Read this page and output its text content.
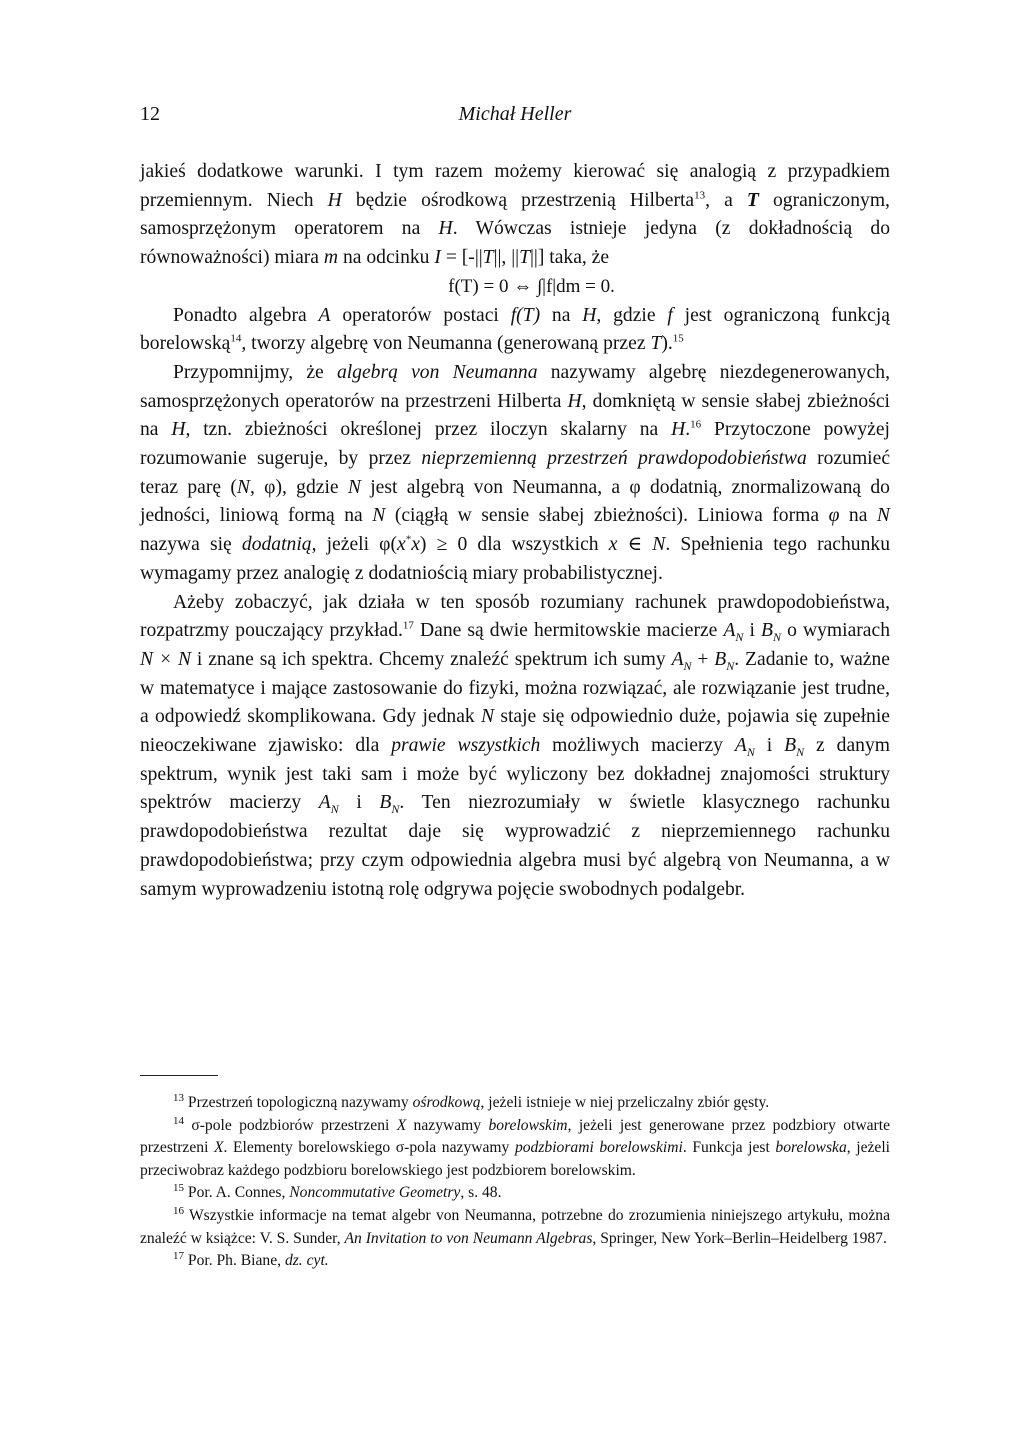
12	Michał Heller

jakieś dodatkowe warunki. I tym razem możemy kierować się analogią z przypadkiem przemiennym. Niech H będzie ośrodkową przestrzenią Hilberta$^{13}$, a T ograniczonym, samosprzężonym operatorem na H. Wówczas istnieje jedyna (z dokładnością do równoważności) miara m na odcinku I = [-||T||, ||T||] taka, że

f(T) = 0 ⇔ ∫|f|dm = 0.

Ponadto algebra A operatorów postaci f(T) na H, gdzie f jest ograniczoną funkcją borelowską$^{14}$, tworzy algebrę von Neumanna (generowaną przez T).$^{15}$

Przypomnijmy, że algebrą von Neumanna nazywamy algebrę niezdegenerowanych, samosprzężonych operatorów na przestrzeni Hilberta H, domkniętą w sensie słabej zbieżności na H, tzn. zbieżności określonej przez iloczyn skalarny na H.$^{16}$ Przytoczone powyżej rozumowanie sugeruje, by przez nieprzemienną przestrzeń prawdopodobieństwa rozumieć teraz parę (N, φ), gdzie N jest algebrą von Neumanna, a φ dodatnią, znormalizowaną do jedności, liniową formą na N (ciągłą w sensie słabej zbieżności). Liniowa forma φ na N nazywa się dodatnią, jeżeli φ(x*x) ≥ 0 dla wszystkich x ∈ N. Spełnienia tego rachunku wymagamy przez analogię z dodatniością miary probabilistycznej.

Ażeby zobaczyć, jak działa w ten sposób rozumiany rachunek prawdopodobieństwa, rozpatrzmy pouczający przykład.$^{17}$ Dane są dwie hermitowskie macierze $A_N$ i $B_N$ o wymiarach N × N i znane są ich spektra. Chcemy znaleźć spektrum ich sumy $A_N + B_N$. Zadanie to, ważne w matematyce i mające zastosowanie do fizyki, można rozwiązać, ale rozwiązanie jest trudne, a odpowiedź skomplikowana. Gdy jednak N staje się odpowiednio duże, pojawia się zupełnie nieoczekiwane zjawisko: dla prawie wszystkich możliwych macierzy $A_N$ i $B_N$ z danym spektrum, wynik jest taki sam i może być wyliczony bez dokładnej znajomości struktury spektrów macierzy $A_N$ i $B_N$. Ten niezrozumiały w świetle klasycznego rachunku prawdopodobieństwa rezultat daje się wyprowadzić z nieprzemiennego rachunku prawdopodobieństwa; przy czym odpowiednia algebra musi być algebrą von Neumanna, a w samym wyprowadzeniu istotną rolę odgrywa pojęcie swobodnych podalgebr.

$^{13}$ Przestrzeń topologiczną nazywamy ośrodkową, jeżeli istnieje w niej przeliczalny zbiór gęsty.

$^{14}$ σ-pole podzbiorów przestrzeni X nazywamy borelowskim, jeżeli jest generowane przez podzbiory otwarte przestrzeni X. Elementy borelowskiego σ-pola nazywamy podzbiorami borelowskimi. Funkcja jest borelowska, jeżeli przeciwobraz każdego podzbioru borelowskiego jest podzbiorem borelowskim.

$^{15}$ Por. A. Connes, Noncommutative Geometry, s. 48.

$^{16}$ Wszystkie informacje na temat algebr von Neumanna, potrzebne do zrozumienia niniejszego artykułu, można znaleźć w książce: V. S. Sunder, An Invitation to von Neumann Algebras, Springer, New York–Berlin–Heidelberg 1987.

$^{17}$ Por. Ph. Biane, dz. cyt.
